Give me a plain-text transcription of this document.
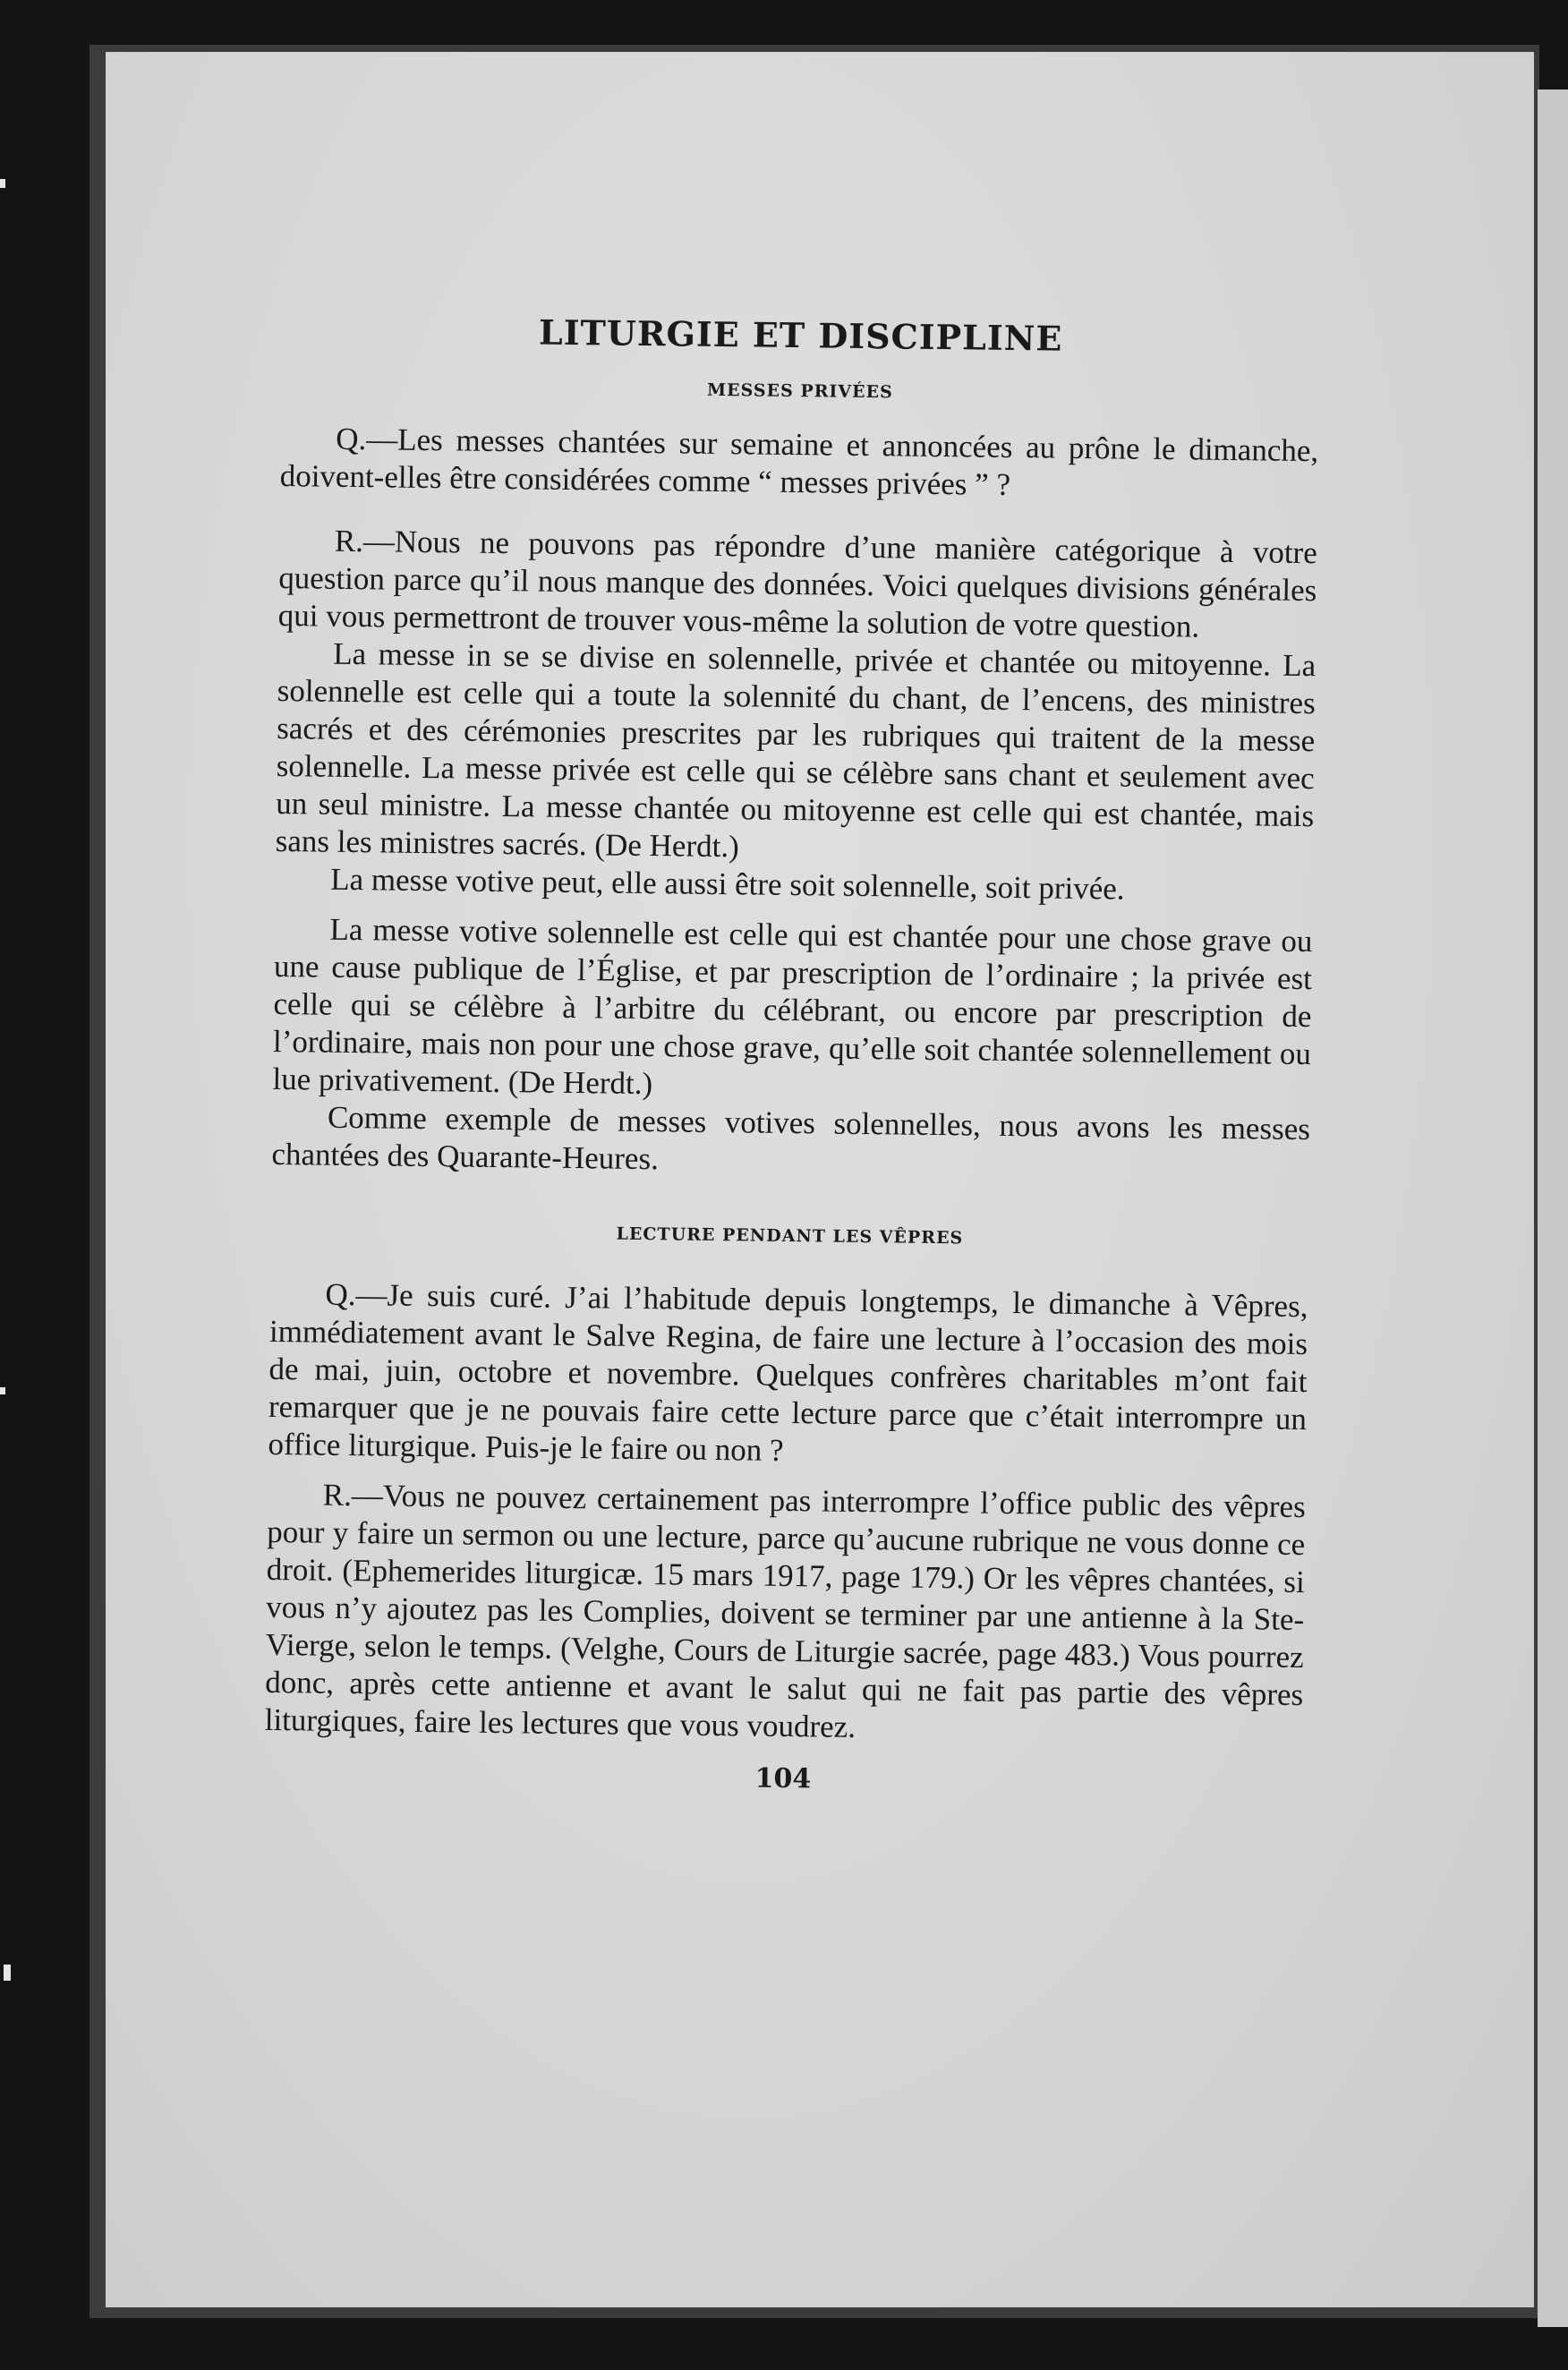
LITURGIE ET DISCIPLINE
MESSES PRIVÉES

Q.—Les messes chantées sur semaine et annoncées au prône le dimanche, doivent-elles être considérées comme “ messes privées ” ?

R.—Nous ne pouvons pas répondre d’une manière catégorique à votre question parce qu’il nous manque des données. Voici quelques divisions générales qui vous permettront de trouver vous-même la solution de votre question.

La messe in se se divise en solennelle, privée et chantée ou mitoyenne. La solennelle est celle qui a toute la solennité du chant, de l’encens, des ministres sacrés et des cérémonies prescrites par les rubriques qui traitent de la messe solennelle. La messe privée est celle qui se célèbre sans chant et seulement avec un seul ministre. La messe chantée ou mitoyenne est celle qui est chantée, mais sans les ministres sacrés. (De Herdt.)

La messe votive peut, elle aussi être soit solennelle, soit privée.

La messe votive solennelle est celle qui est chantée pour une chose grave ou une cause publique de l’Église, et par prescription de l’ordinaire ; la privée est celle qui se célèbre à l’arbitre du célébrant, ou encore par prescription de l’ordinaire, mais non pour une chose grave, qu’elle soit chantée solennellement ou lue privativement. (De Herdt.)

Comme exemple de messes votives solennelles, nous avons les messes chantées des Quarante-Heures.

LECTURE PENDANT LES VÊPRES

Q.—Je suis curé. J’ai l’habitude depuis longtemps, le dimanche à Vêpres, immédiatement avant le Salve Regina, de faire une lecture à l’occasion des mois de mai, juin, octobre et novembre. Quelques confrères charitables m’ont fait remarquer que je ne pouvais faire cette lecture parce que c’était interrompre un office liturgique. Puis-je le faire ou non ?

R.—Vous ne pouvez certainement pas interrompre l’office public des vêpres pour y faire un sermon ou une lecture, parce qu’aucune rubrique ne vous donne ce droit. (Ephemerides liturgicæ. 15 mars 1917, page 179.) Or les vêpres chantées, si vous n’y ajoutez pas les Complies, doivent se terminer par une antienne à la Ste-Vierge, selon le temps. (Velghe, Cours de Liturgie sacrée, page 483.) Vous pourrez donc, après cette antienne et avant le salut qui ne fait pas partie des vêpres liturgiques, faire les lectures que vous voudrez.

104
